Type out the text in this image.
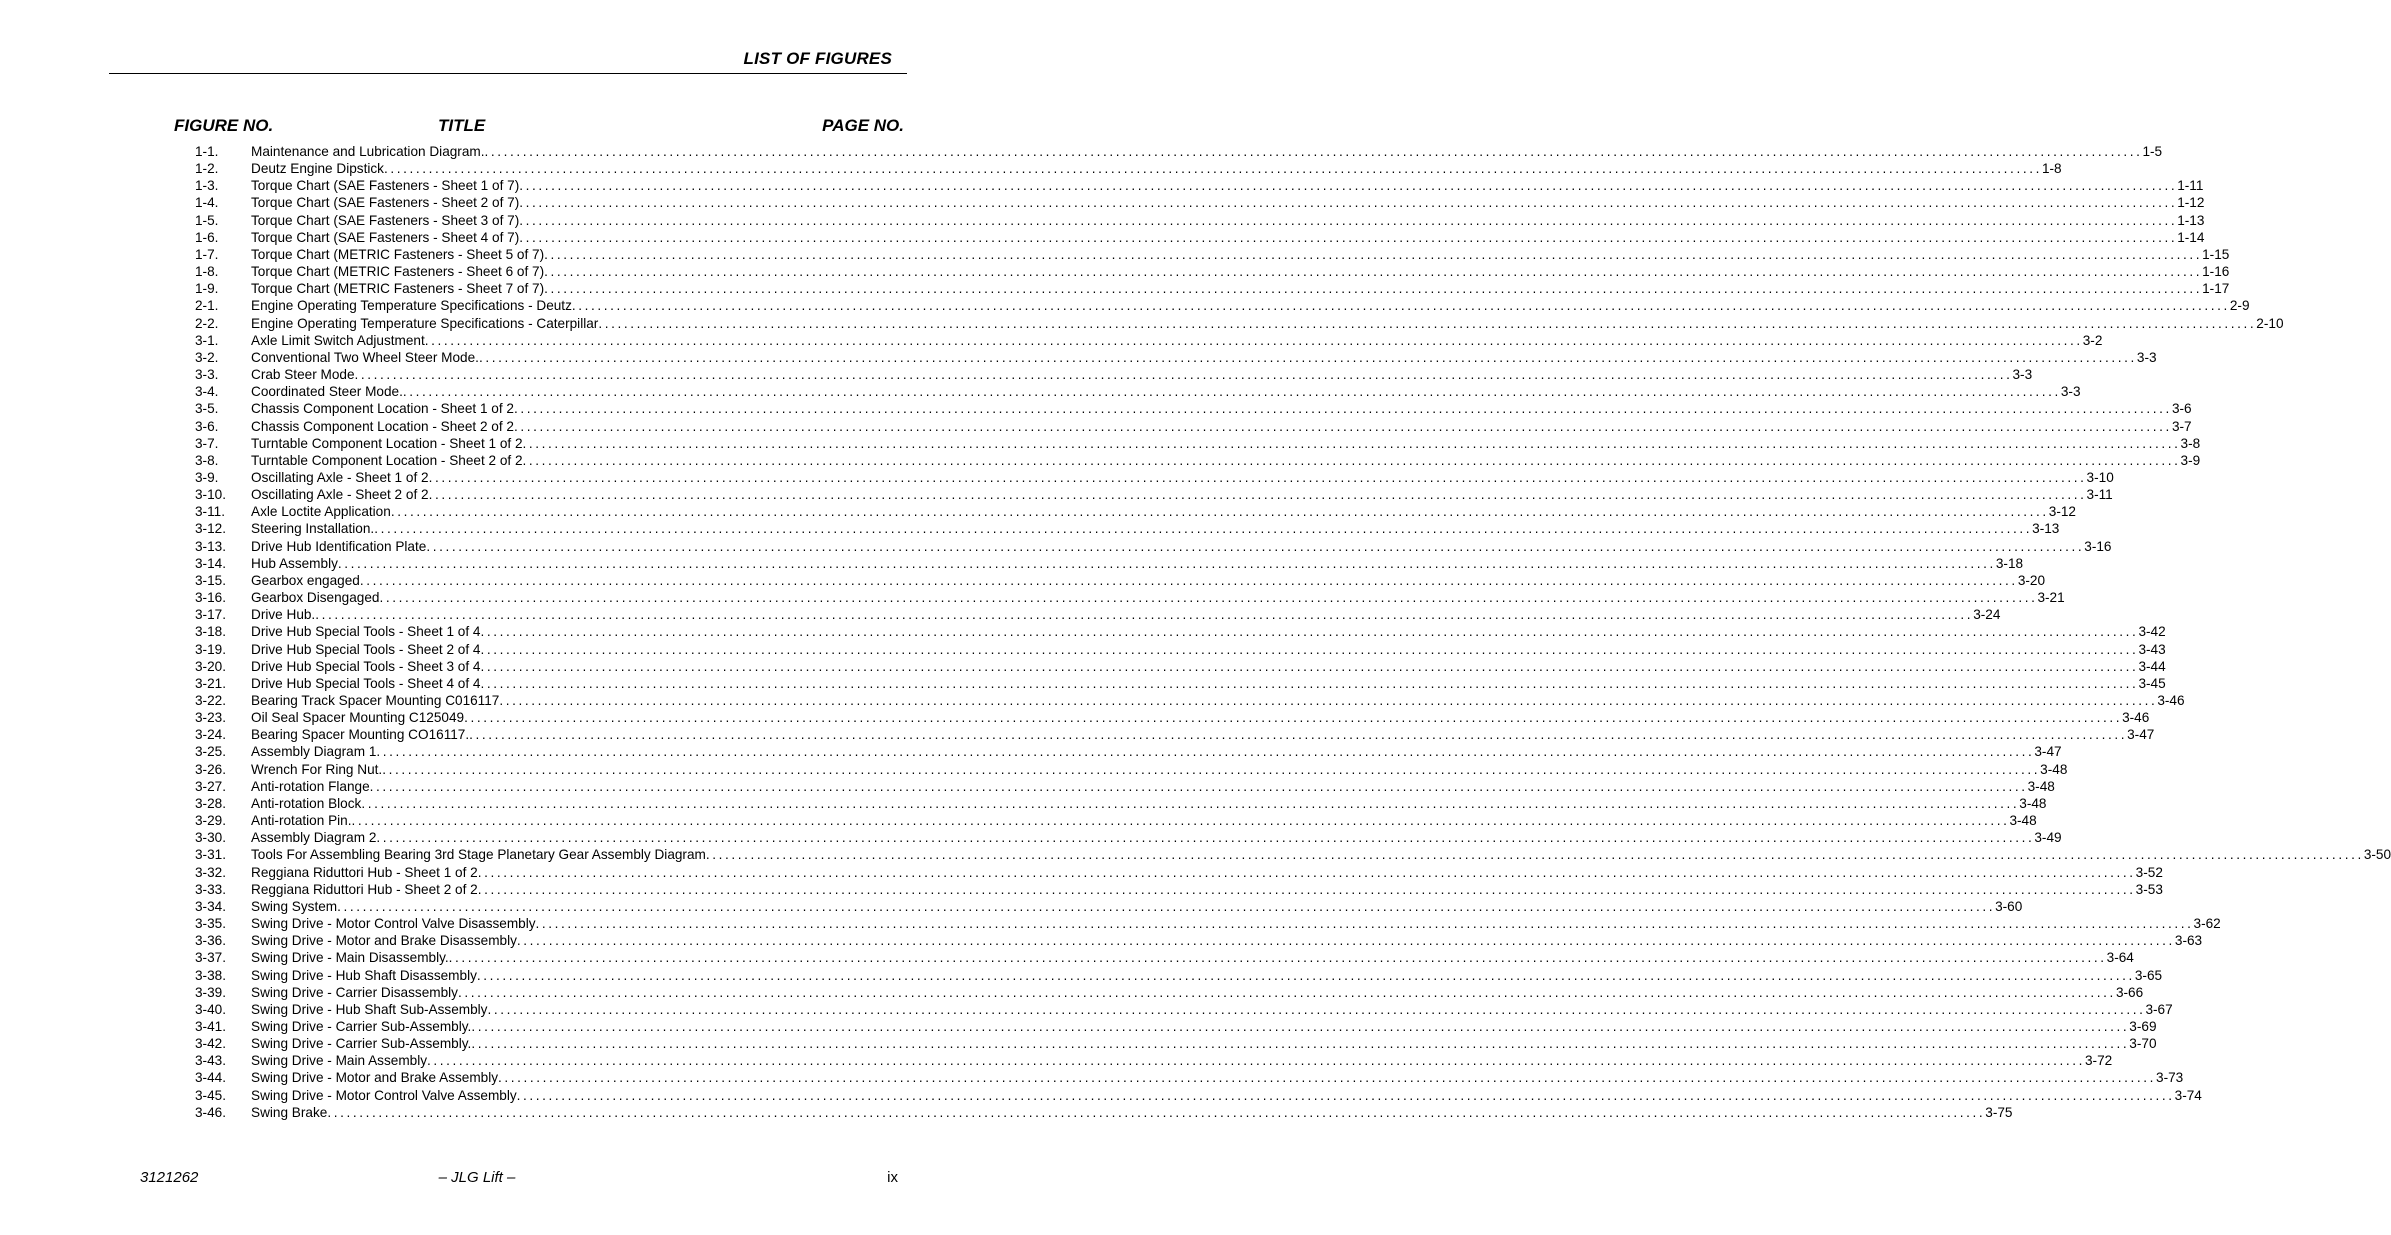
LIST OF FIGURES
FIGURE NO.	TITLE	PAGE NO.
1-1. Maintenance and Lubrication Diagram. .................................................................................................................................................................................................................................................................... 1-5
1-2. Deutz Engine Dipstick .................................................................................................................................................................................................................................................................... 1-8
1-3. Torque Chart (SAE Fasteners - Sheet 1 of 7) .................................................................................................................................................................................................................................................................... 1-11
1-4. Torque Chart (SAE Fasteners - Sheet 2 of 7) .................................................................................................................................................................................................................................................................... 1-12
1-5. Torque Chart (SAE Fasteners - Sheet 3 of 7) .................................................................................................................................................................................................................................................................... 1-13
1-6. Torque Chart (SAE Fasteners - Sheet 4 of 7) .................................................................................................................................................................................................................................................................... 1-14
1-7. Torque Chart (METRIC Fasteners - Sheet 5 of 7) .................................................................................................................................................................................................................................................................... 1-15
1-8. Torque Chart (METRIC Fasteners - Sheet 6 of 7) .................................................................................................................................................................................................................................................................... 1-16
1-9. Torque Chart (METRIC Fasteners - Sheet 7 of 7) .................................................................................................................................................................................................................................................................... 1-17
2-1. Engine Operating Temperature Specifications - Deutz .................................................................................................................................................................................................................................................................... 2-9
2-2. Engine Operating Temperature Specifications - Caterpillar .................................................................................................................................................................................................................................................................... 2-10
3-1. Axle Limit Switch Adjustment .................................................................................................................................................................................................................................................................... 3-2
3-2. Conventional Two Wheel Steer Mode. .................................................................................................................................................................................................................................................................... 3-3
3-3. Crab Steer Mode .................................................................................................................................................................................................................................................................... 3-3
3-4. Coordinated Steer Mode. .................................................................................................................................................................................................................................................................... 3-3
3-5. Chassis Component Location - Sheet 1 of 2 .................................................................................................................................................................................................................................................................... 3-6
3-6. Chassis Component Location - Sheet 2 of 2 .................................................................................................................................................................................................................................................................... 3-7
3-7. Turntable Component Location - Sheet 1 of 2 .................................................................................................................................................................................................................................................................... 3-8
3-8. Turntable Component Location - Sheet 2 of 2 .................................................................................................................................................................................................................................................................... 3-9
3-9. Oscillating Axle - Sheet 1 of 2 .................................................................................................................................................................................................................................................................... 3-10
3-10. Oscillating Axle - Sheet 2 of 2 .................................................................................................................................................................................................................................................................... 3-11
3-11. Axle Loctite Application .................................................................................................................................................................................................................................................................... 3-12
3-12. Steering Installation. .................................................................................................................................................................................................................................................................... 3-13
3-13. Drive Hub Identification Plate .................................................................................................................................................................................................................................................................... 3-16
3-14. Hub Assembly .................................................................................................................................................................................................................................................................... 3-18
3-15. Gearbox engaged .................................................................................................................................................................................................................................................................... 3-20
3-16. Gearbox Disengaged .................................................................................................................................................................................................................................................................... 3-21
3-17. Drive Hub. .................................................................................................................................................................................................................................................................... 3-24
3-18. Drive Hub Special Tools - Sheet 1 of 4 .................................................................................................................................................................................................................................................................... 3-42
3-19. Drive Hub Special Tools - Sheet 2 of 4 .................................................................................................................................................................................................................................................................... 3-43
3-20. Drive Hub Special Tools - Sheet 3 of 4 .................................................................................................................................................................................................................................................................... 3-44
3-21. Drive Hub Special Tools - Sheet 4 of 4 .................................................................................................................................................................................................................................................................... 3-45
3-22. Bearing Track Spacer Mounting C016117 .................................................................................................................................................................................................................................................................... 3-46
3-23. Oil Seal Spacer Mounting C125049 .................................................................................................................................................................................................................................................................... 3-46
3-24. Bearing Spacer Mounting CO16117. .................................................................................................................................................................................................................................................................... 3-47
3-25. Assembly Diagram 1 .................................................................................................................................................................................................................................................................... 3-47
3-26. Wrench For Ring Nut. .................................................................................................................................................................................................................................................................... 3-48
3-27. Anti-rotation Flange .................................................................................................................................................................................................................................................................... 3-48
3-28. Anti-rotation Block .................................................................................................................................................................................................................................................................... 3-48
3-29. Anti-rotation Pin. .................................................................................................................................................................................................................................................................... 3-48
3-30. Assembly Diagram 2 .................................................................................................................................................................................................................................................................... 3-49
3-31. Tools For Assembling Bearing 3rd Stage Planetary Gear Assembly Diagram .................................................................................................................................................................................................................................................................... 3-50
3-32. Reggiana Riduttori Hub - Sheet 1 of 2 .................................................................................................................................................................................................................................................................... 3-52
3-33. Reggiana Riduttori Hub - Sheet 2 of 2 .................................................................................................................................................................................................................................................................... 3-53
3-34. Swing System .................................................................................................................................................................................................................................................................... 3-60
3-35. Swing Drive - Motor Control Valve Disassembly .................................................................................................................................................................................................................................................................... 3-62
3-36. Swing Drive - Motor and Brake Disassembly .................................................................................................................................................................................................................................................................... 3-63
3-37. Swing Drive - Main Disassembly. .................................................................................................................................................................................................................................................................... 3-64
3-38. Swing Drive - Hub Shaft Disassembly .................................................................................................................................................................................................................................................................... 3-65
3-39. Swing Drive - Carrier Disassembly .................................................................................................................................................................................................................................................................... 3-66
3-40. Swing Drive - Hub Shaft Sub-Assembly .................................................................................................................................................................................................................................................................... 3-67
3-41. Swing Drive - Carrier Sub-Assembly. .................................................................................................................................................................................................................................................................... 3-69
3-42. Swing Drive - Carrier Sub-Assembly. .................................................................................................................................................................................................................................................................... 3-70
3-43. Swing Drive - Main Assembly .................................................................................................................................................................................................................................................................... 3-72
3-44. Swing Drive - Motor and Brake Assembly .................................................................................................................................................................................................................................................................... 3-73
3-45. Swing Drive - Motor Control Valve Assembly .................................................................................................................................................................................................................................................................... 3-74
3-46. Swing Brake .................................................................................................................................................................................................................................................................... 3-75
3121262	– JLG Lift –	ix
